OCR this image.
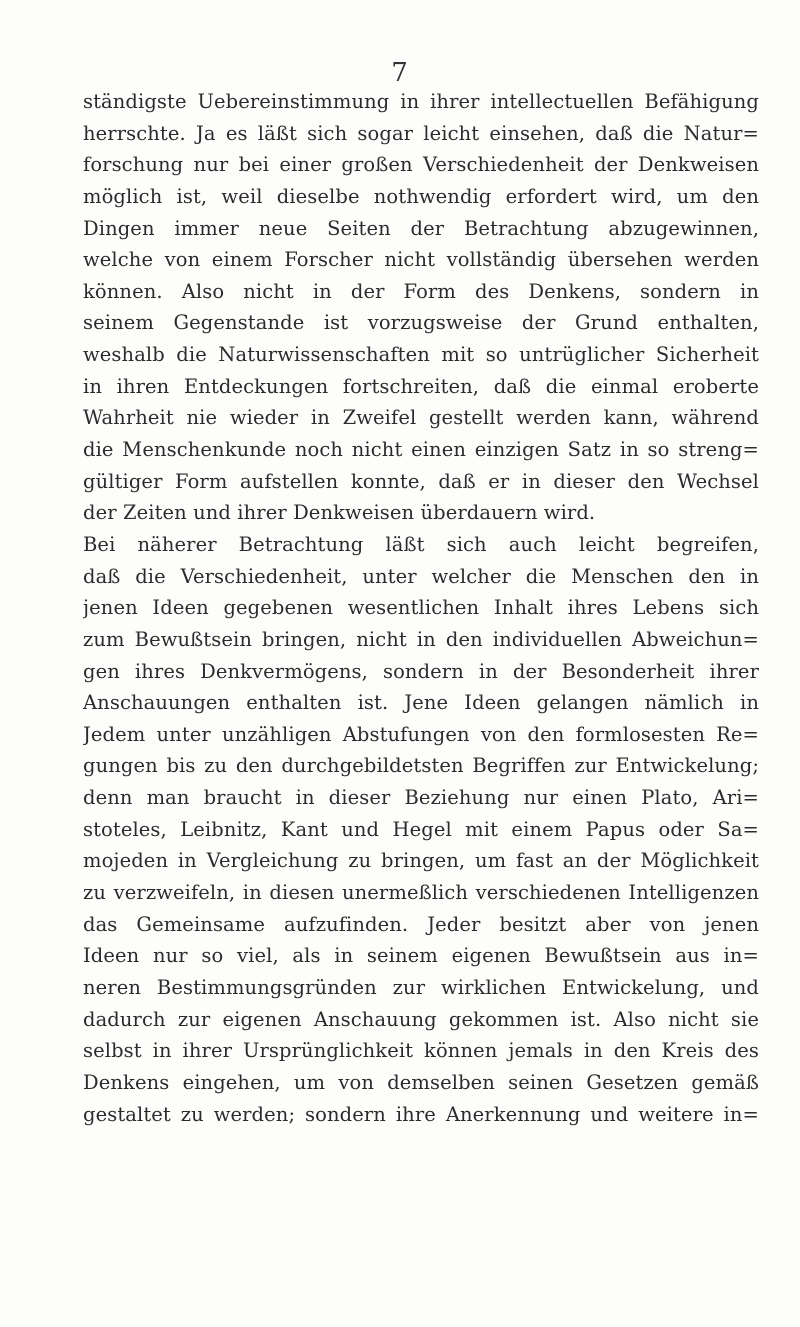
7
ständigste Uebereinstimmung in ihrer intellectuellen Befähigung
herrschte. Ja es läßt sich sogar leicht einsehen, daß die Natur=
forschung nur bei einer großen Verschiedenheit der Denkweisen
möglich ist, weil dieselbe nothwendig erfordert wird, um den
Dingen immer neue Seiten der Betrachtung abzugewinnen,
welche von einem Forscher nicht vollständig übersehen werden
können. Also nicht in der Form des Denkens, sondern in
seinem Gegenstande ist vorzugsweise der Grund enthalten,
weshalb die Naturwissenschaften mit so untrüglicher Sicherheit
in ihren Entdeckungen fortschreiten, daß die einmal eroberte
Wahrheit nie wieder in Zweifel gestellt werden kann, während
die Menschenkunde noch nicht einen einzigen Satz in so streng=
gültiger Form aufstellen konnte, daß er in dieser den Wechsel
der Zeiten und ihrer Denkweisen überdauern wird.
Bei näherer Betrachtung läßt sich auch leicht begreifen,
daß die Verschiedenheit, unter welcher die Menschen den in
jenen Ideen gegebenen wesentlichen Inhalt ihres Lebens sich
zum Bewußtsein bringen, nicht in den individuellen Abweichun=
gen ihres Denkvermögens, sondern in der Besonderheit ihrer
Anschauungen enthalten ist. Jene Ideen gelangen nämlich in
Jedem unter unzähligen Abstufungen von den formlosesten Re=
gungen bis zu den durchgebildetsten Begriffen zur Entwickelung;
denn man braucht in dieser Beziehung nur einen Plato, Ari=
stoteles, Leibnitz, Kant und Hegel mit einem Papus oder Sa=
mojeden in Vergleichung zu bringen, um fast an der Möglichkeit
zu verzweifeln, in diesen unermeßlich verschiedenen Intelligenzen
das Gemeinsame aufzufinden. Jeder besitzt aber von jenen
Ideen nur so viel, als in seinem eigenen Bewußtsein aus in=
neren Bestimmungsgründen zur wirklichen Entwickelung, und
dadurch zur eigenen Anschauung gekommen ist. Also nicht sie
selbst in ihrer Ursprünglichkeit können jemals in den Kreis des
Denkens eingehen, um von demselben seinen Gesetzen gemäß
gestaltet zu werden; sondern ihre Anerkennung und weitere in=
